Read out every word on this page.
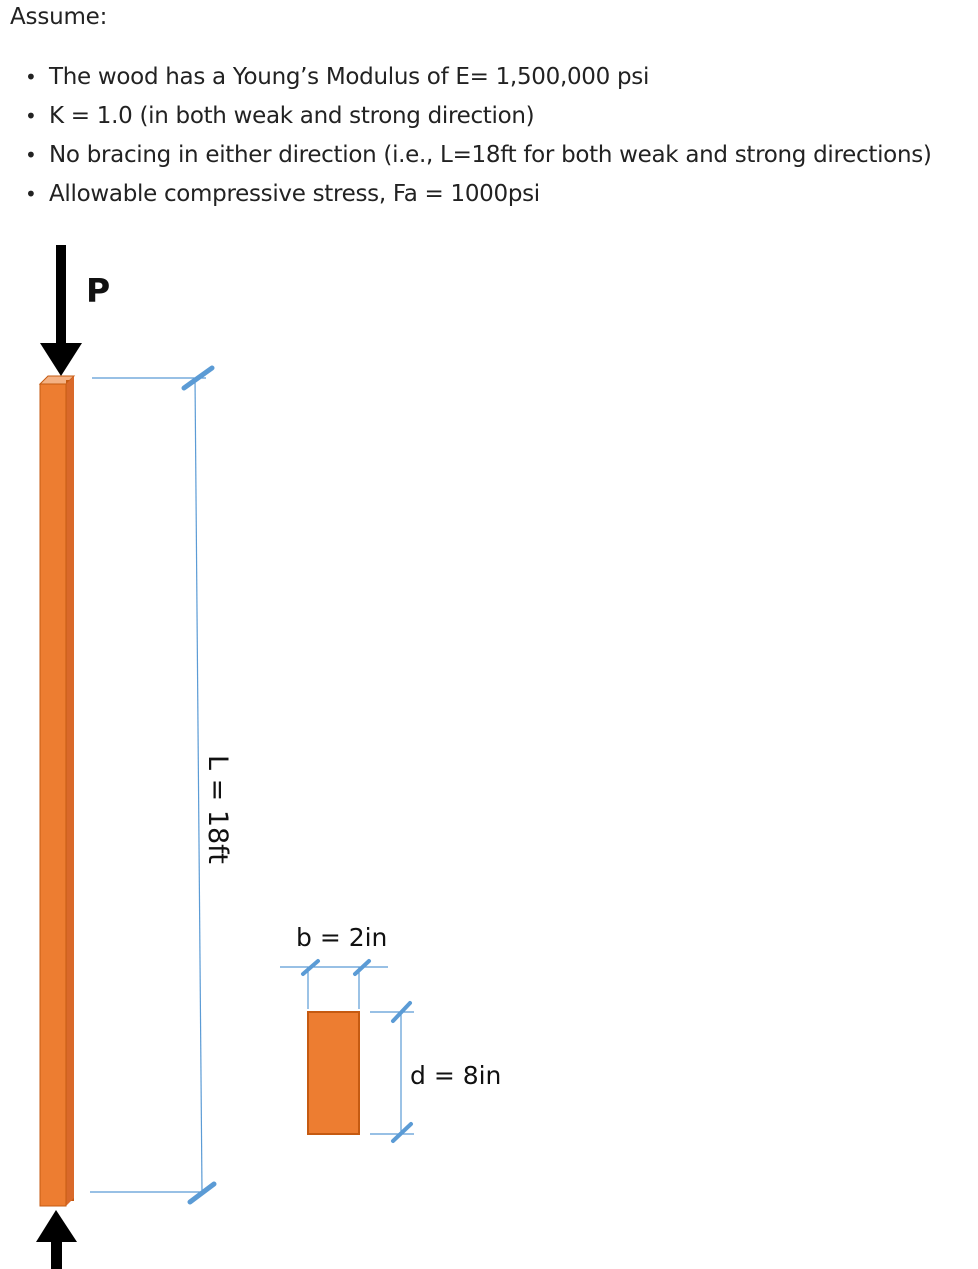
Assume:
• The wood has a Young’s Modulus of E= 1,500,000 psi
• K = 1.0 (in both weak and strong direction)
• No bracing in either direction (i.e., L=18ft for both weak and strong directions)
• Allowable compressive stress, Fa = 1000psi
P
L = 18ft
b = 2in
d = 8in
